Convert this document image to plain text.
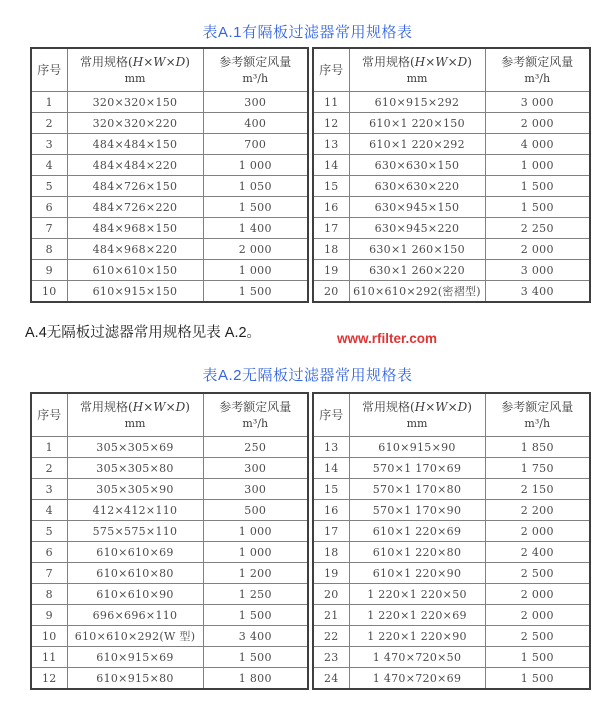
表A.1有隔板过滤器常用规格表
序号

常用规格(H×W×D)
mm

参考额定风量
m³/h

1	320×320×150	300
2	320×320×220	400
3	484×484×150	700
4	484×484×220	1 000
5	484×726×150	1 050
6	484×726×220	1 500
7	484×968×150	1 400
8	484×968×220	2 000
9	610×610×150	1 000
10	610×915×150	1 500
序号

常用规格(H×W×D)
mm

参考额定风量
m³/h

11	610×915×292	3 000
12	610×1 220×150	2 000
13	610×1 220×292	4 000
14	630×630×150	1 000
15	630×630×220	1 500
16	630×945×150	1 500
17	630×945×220	2 250
18	630×1 260×150	2 000
19	630×1 260×220	3 000
20	610×610×292(密褶型)	3 400
A.4无隔板过滤器常用规格见表 A.2。	www.rfilter.com
表A.2无隔板过滤器常用规格表
序号

常用规格(H×W×D)
mm

参考额定风量
m³/h

1	305×305×69	250
2	305×305×80	300
3	305×305×90	300
4	412×412×110	500
5	575×575×110	1 000
6	610×610×69	1 000
7	610×610×80	1 200
8	610×610×90	1 250
9	696×696×110	1 500
10	610×610×292(W 型)	3 400
11	610×915×69	1 500
12	610×915×80	1 800
序号

常用规格(H×W×D)
mm

参考额定风量
m³/h

13	610×915×90	1 850
14	570×1 170×69	1 750
15	570×1 170×80	2 150
16	570×1 170×90	2 200
17	610×1 220×69	2 000
18	610×1 220×80	2 400
19	610×1 220×90	2 500
20	1 220×1 220×50	2 000
21	1 220×1 220×69	2 000
22	1 220×1 220×90	2 500
23	1 470×720×50	1 500
24	1 470×720×69	1 500
